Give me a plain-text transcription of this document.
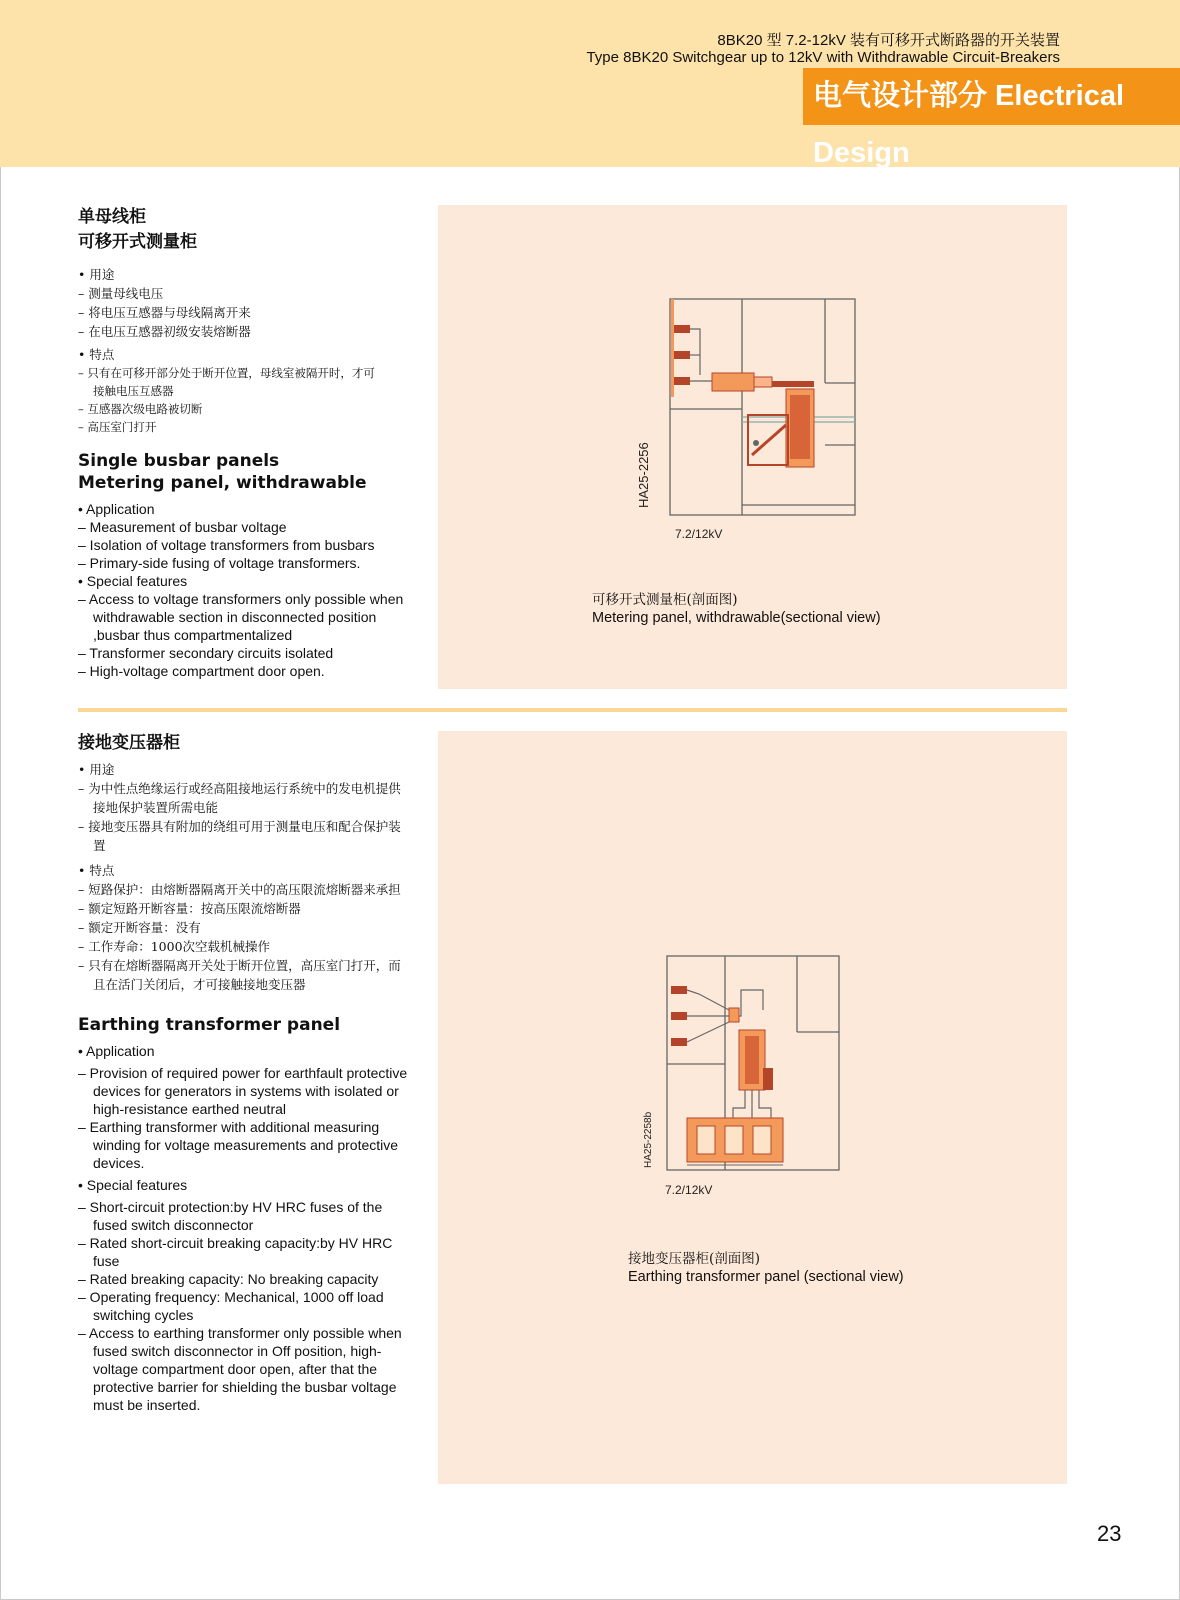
8BK20 型 7.2-12kV 装有可移开式断路器的开关装置
Type 8BK20 Switchgear up to 12kV with Withdrawable Circuit-Breakers
电气设计部分 Electrical Design
单母线柜
可移开式测量柜
• 用途
– 测量母线电压
– 将电压互感器与母线隔离开来
– 在电压互感器初级安装熔断器
• 特点
– 只有在可移开部分处于断开位置，母线室被隔开时，才可接触电压互感器
– 互感器次级电路被切断
– 高压室门打开
Single busbar panels
Metering panel, withdrawable
• Application
– Measurement of busbar voltage
– Isolation of voltage transformers from busbars
– Primary-side fusing of voltage transformers.
• Special features
– Access to voltage transformers only possible when withdrawable section in disconnected position ,busbar thus compartmentalized
– Transformer secondary circuits isolated
– High-voltage compartment door open.
HA25-2256
7.2/12kV
可移开式测量柜(剖面图)
Metering panel, withdrawable(sectional view)
接地变压器柜
• 用途
– 为中性点绝缘运行或经高阻接地运行系统中的发电机提供接地保护装置所需电能
– 接地变压器具有附加的绕组可用于测量电压和配合保护装置
• 特点
– 短路保护：由熔断器隔离开关中的高压限流熔断器来承担
– 额定短路开断容量：按高压限流熔断器
– 额定开断容量：没有
– 工作寿命：1000次空载机械操作
– 只有在熔断器隔离开关处于断开位置，高压室门打开，而且在活门关闭后，才可接触接地变压器
Earthing transformer panel
• Application
– Provision of required power for earthfault protective devices for generators in systems with isolated or high-resistance earthed neutral
– Earthing transformer with additional measuring winding for voltage measurements and protective devices.
• Special features
– Short-circuit protection:by HV HRC fuses of the fused switch disconnector
– Rated short-circuit breaking capacity:by HV HRC fuse
– Rated breaking capacity: No breaking capacity
– Operating frequency: Mechanical, 1000 off load switching cycles
– Access to earthing transformer only possible when fused switch disconnector in Off position, high-voltage compartment door open, after that the protective barrier for shielding the busbar voltage must be inserted.
HA25-2258b
7.2/12kV
接地变压器柜(剖面图)
Earthing transformer panel (sectional view)
23
